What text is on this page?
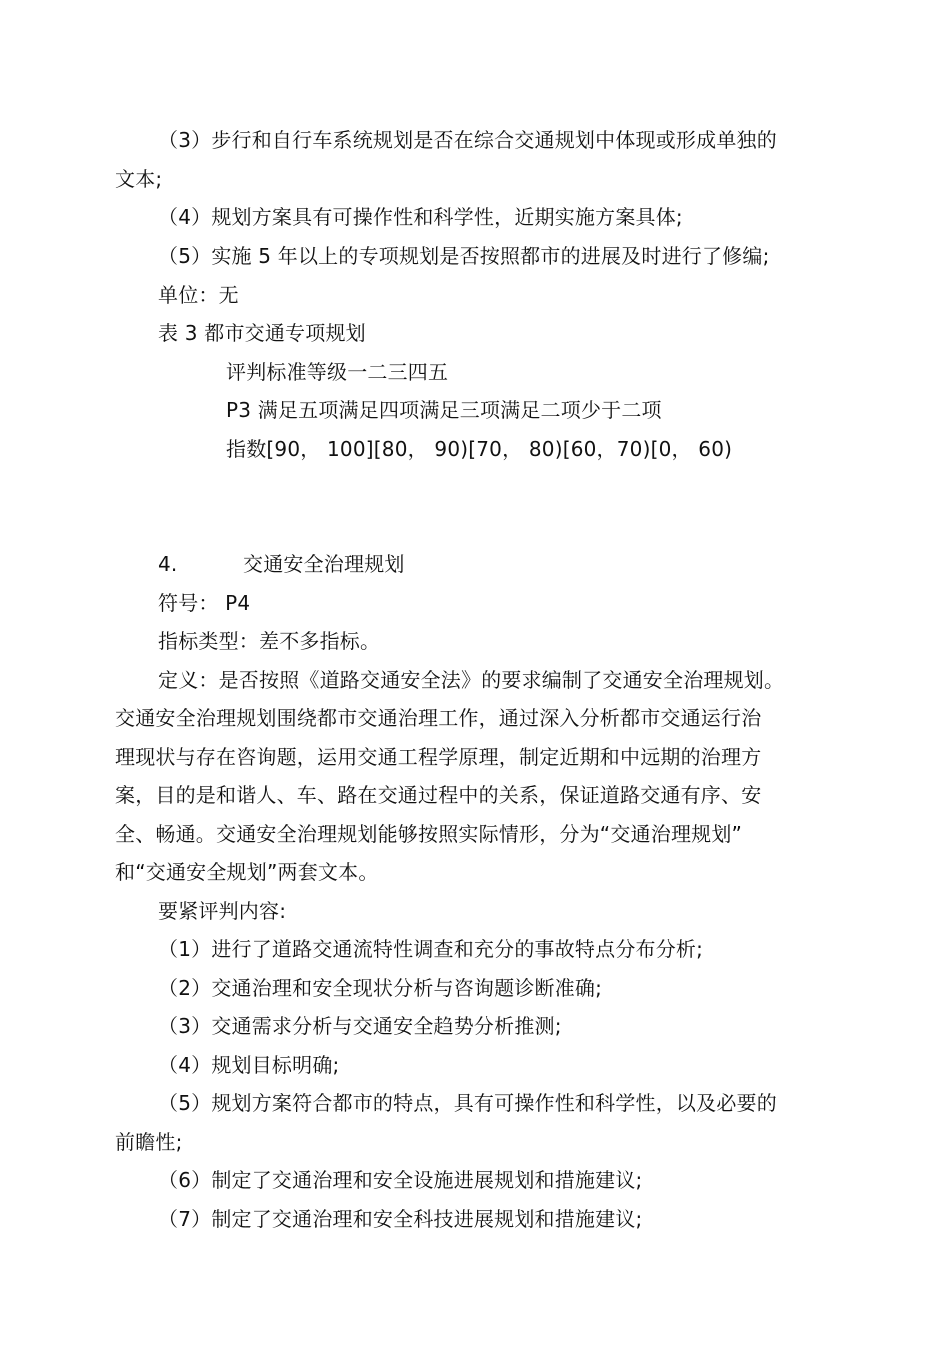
（3）步行和自行车系统规划是否在综合交通规划中体现或形成单独的
文本;
（4）规划方案具有可操作性和科学性，近期实施方案具体;
（5）实施 5 年以上的专项规划是否按照都市的进展及时进行了修编;
单位：无
表 3 都市交通专项规划
评判标准等级一二三四五
P3 满足五项满足四项满足三项满足二项少于二项
指数[90， 100][80， 90)[70， 80)[60，70)[0， 60)
4.	交通安全治理规划
符号： P4
指标类型：差不多指标。
定义：是否按照《道路交通安全法》的要求编制了交通安全治理规划。
交通安全治理规划围绕都市交通治理工作，通过深入分析都市交通运行治
理现状与存在咨询题，运用交通工程学原理，制定近期和中远期的治理方
案，目的是和谐人、车、路在交通过程中的关系，保证道路交通有序、安
全、畅通。交通安全治理规划能够按照实际情形，分为“交通治理规划”
和“交通安全规划”两套文本。
要紧评判内容:
（1）进行了道路交通流特性调查和充分的事故特点分布分析;
（2）交通治理和安全现状分析与咨询题诊断准确;
（3）交通需求分析与交通安全趋势分析推测;
（4）规划目标明确;
（5）规划方案符合都市的特点，具有可操作性和科学性，以及必要的
前瞻性;
（6）制定了交通治理和安全设施进展规划和措施建议;
（7）制定了交通治理和安全科技进展规划和措施建议;
